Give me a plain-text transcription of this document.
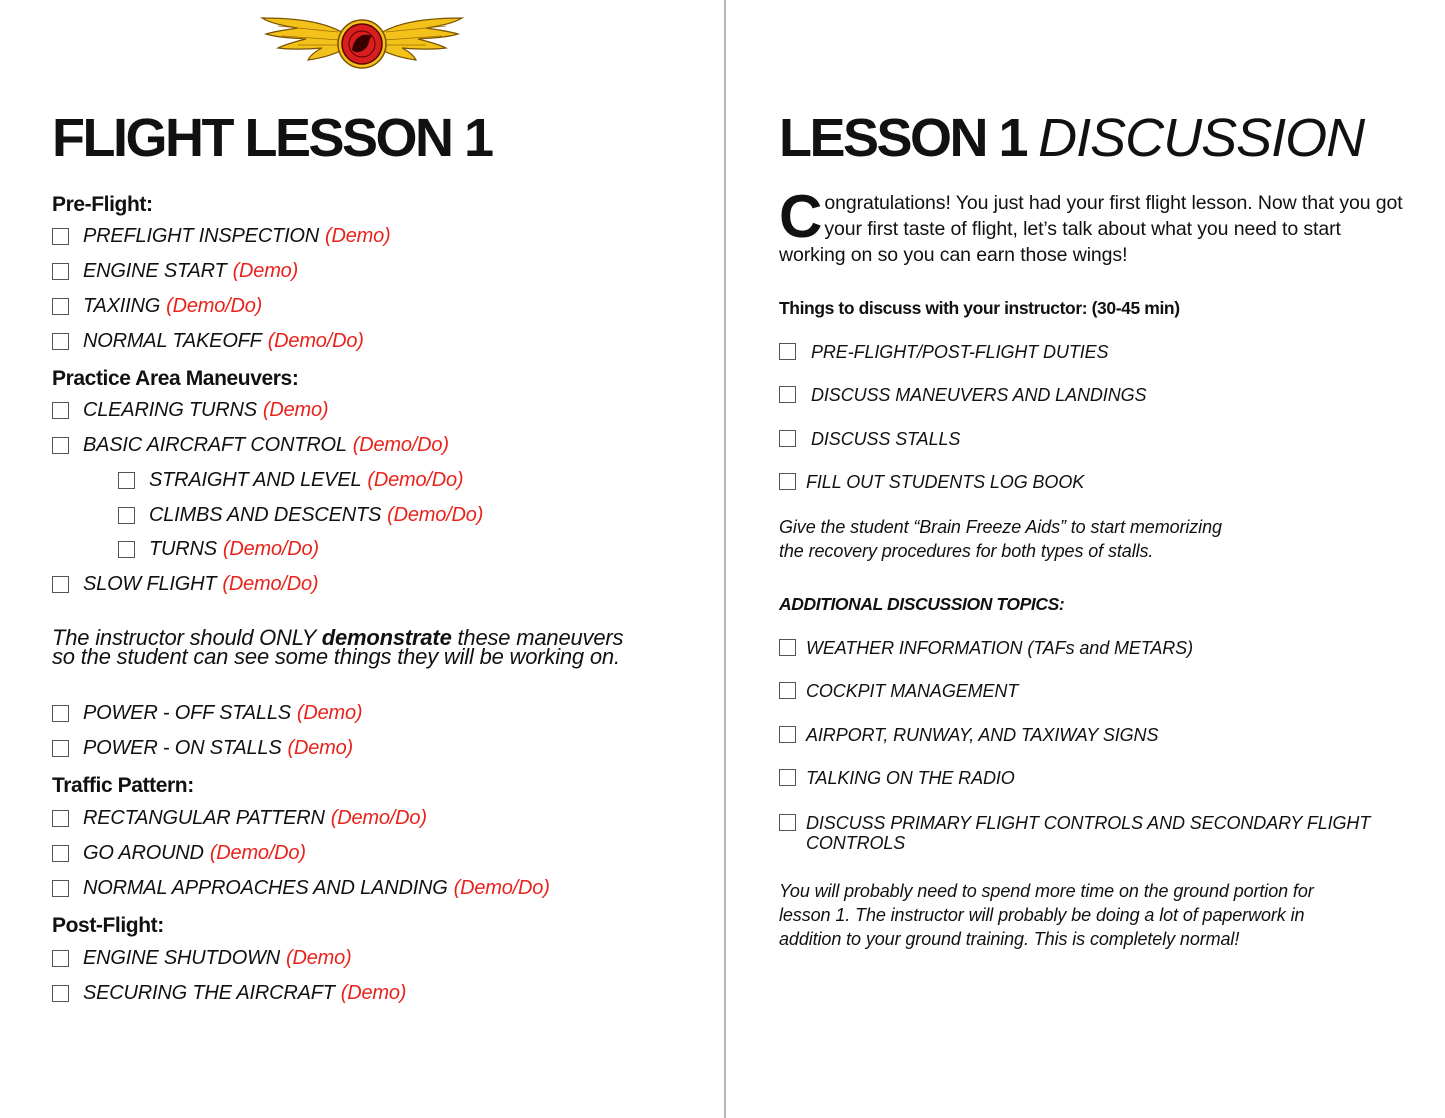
FLIGHT LESSON 1
Pre-Flight:
PREFLIGHT INSPECTION (Demo)
ENGINE START (Demo)
TAXIING (Demo/Do)
NORMAL TAKEOFF (Demo/Do)
Practice Area Maneuvers:
CLEARING TURNS (Demo)
BASIC AIRCRAFT CONTROL (Demo/Do)
STRAIGHT AND LEVEL (Demo/Do)
CLIMBS AND DESCENTS (Demo/Do)
TURNS (Demo/Do)
SLOW FLIGHT (Demo/Do)

The instructor should ONLY demonstrate these maneuvers
so the student can see some things they will be working on.

POWER - OFF STALLS (Demo)
POWER - ON STALLS (Demo)
Traffic Pattern:
RECTANGULAR PATTERN (Demo/Do)
GO AROUND (Demo/Do)
NORMAL APPROACHES AND LANDING (Demo/Do)
Post-Flight:
ENGINE SHUTDOWN (Demo)
SECURING THE AIRCRAFT (Demo)
LESSON 1 DISCUSSION

Congratulations! You just had your first flight lesson. Now that you got your first taste of flight, let’s talk about what you need to start working on so you can earn those wings!

Things to discuss with your instructor: (30-45 min)
PRE-FLIGHT/POST-FLIGHT DUTIES
DISCUSS MANEUVERS AND LANDINGS
DISCUSS STALLS
FILL OUT STUDENTS LOG BOOK

Give the student “Brain Freeze Aids” to start memorizing
the recovery procedures for both types of stalls.

ADDITIONAL DISCUSSION TOPICS:
WEATHER INFORMATION (TAFs and METARS)
COCKPIT MANAGEMENT
AIRPORT, RUNWAY, AND TAXIWAY SIGNS
TALKING ON THE RADIO
DISCUSS PRIMARY FLIGHT CONTROLS AND SECONDARY FLIGHT CONTROLS

You will probably need to spend more time on the ground portion for
lesson 1. The instructor will probably be doing a lot of paperwork in
addition to your ground training. This is completely normal!
